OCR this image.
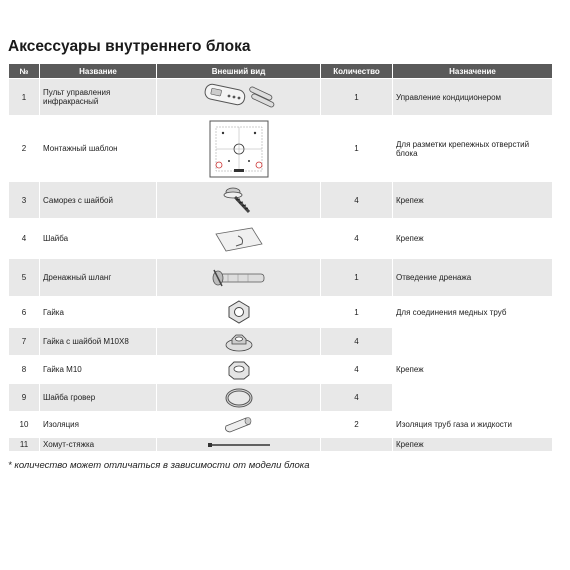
Аксессуары внутреннего блока
№	Название	Внешний вид	Количество	Назначение
1	Пульт управления инфракрасный		1	Управление кондиционером
2	Монтажный шаблон		1	Для разметки крепежных отверстий блока
3	Саморез с шайбой		4	Крепеж
4	Шайба		4	Крепеж
5	Дренажный шланг		1	Отведение дренажа
6	Гайка		1	Для соединения медных труб
7	Гайка с шайбой М10Х8		4	Крепеж
8	Гайка М10		4	
9	Шайба гровер		4	
10	Изоляция		2	Изоляция труб газа и жидкости
11	Хомут-стяжка			Крепеж
* количество может отличаться в зависимости от модели блока
